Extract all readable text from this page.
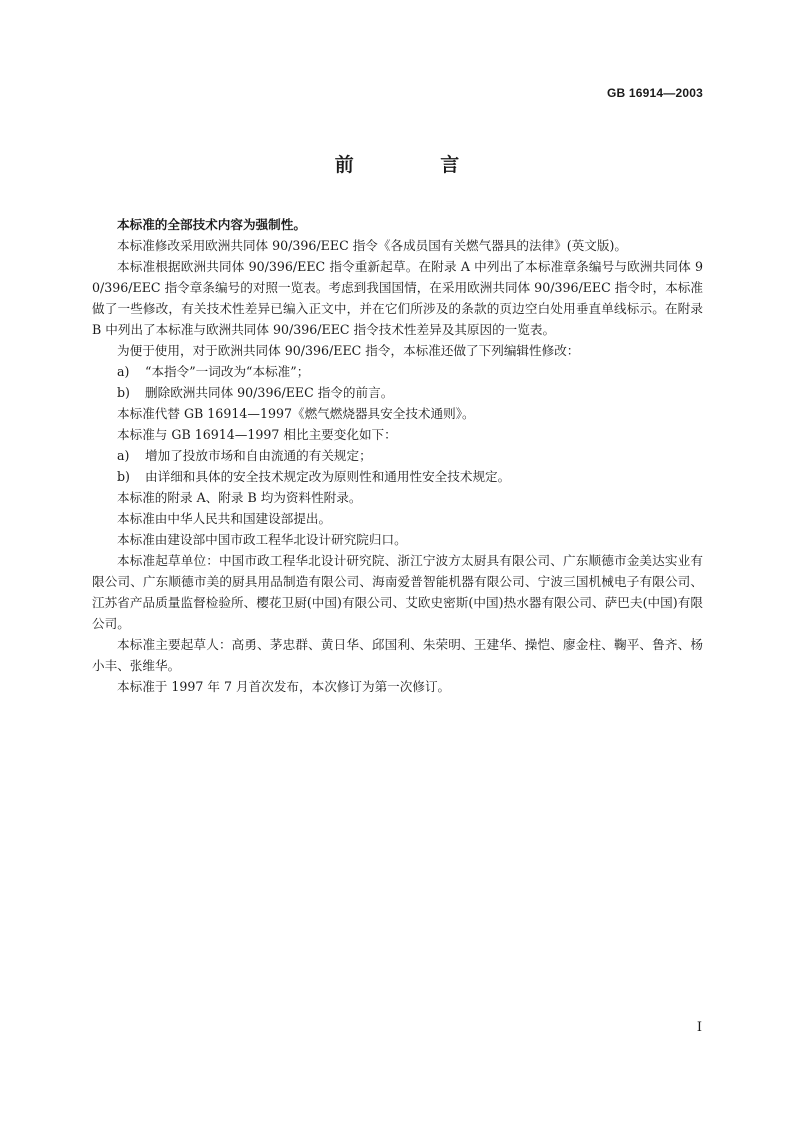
GB 16914—2003
前 言

本标准的全部技术内容为强制性。

本标准修改采用欧洲共同体 90/396/EEC 指令《各成员国有关燃气器具的法律》(英文版)。

本标准根据欧洲共同体 90/396/EEC 指令重新起草。在附录 A 中列出了本标准章条编号与欧洲共同体 90/396/EEC 指令章条编号的对照一览表。考虑到我国国情，在采用欧洲共同体 90/396/EEC 指令时，本标准做了一些修改，有关技术性差异已编入正文中，并在它们所涉及的条款的页边空白处用垂直单线标示。在附录 B 中列出了本标准与欧洲共同体 90/396/EEC 指令技术性差异及其原因的一览表。

为便于使用，对于欧洲共同体 90/396/EEC 指令，本标准还做了下列编辑性修改：

a) “本指令”一词改为“本标准”；

b) 删除欧洲共同体 90/396/EEC 指令的前言。

本标准代替 GB 16914—1997《燃气燃烧器具安全技术通则》。

本标准与 GB 16914—1997 相比主要变化如下：

a) 增加了投放市场和自由流通的有关规定；

b) 由详细和具体的安全技术规定改为原则性和通用性安全技术规定。

本标准的附录 A、附录 B 均为资料性附录。

本标准由中华人民共和国建设部提出。

本标准由建设部中国市政工程华北设计研究院归口。

本标准起草单位：中国市政工程华北设计研究院、浙江宁波方太厨具有限公司、广东顺德市金美达实业有限公司、广东顺德市美的厨具用品制造有限公司、海南爱普智能机器有限公司、宁波三国机械电子有限公司、江苏省产品质量监督检验所、樱花卫厨(中国)有限公司、艾欧史密斯(中国)热水器有限公司、萨巴夫(中国)有限公司。

本标准主要起草人：高勇、茅忠群、黄日华、邱国利、朱荣明、王建华、操恺、廖金柱、鞠平、鲁齐、杨小丰、张维华。

本标准于 1997 年 7 月首次发布，本次修订为第一次修订。

I
